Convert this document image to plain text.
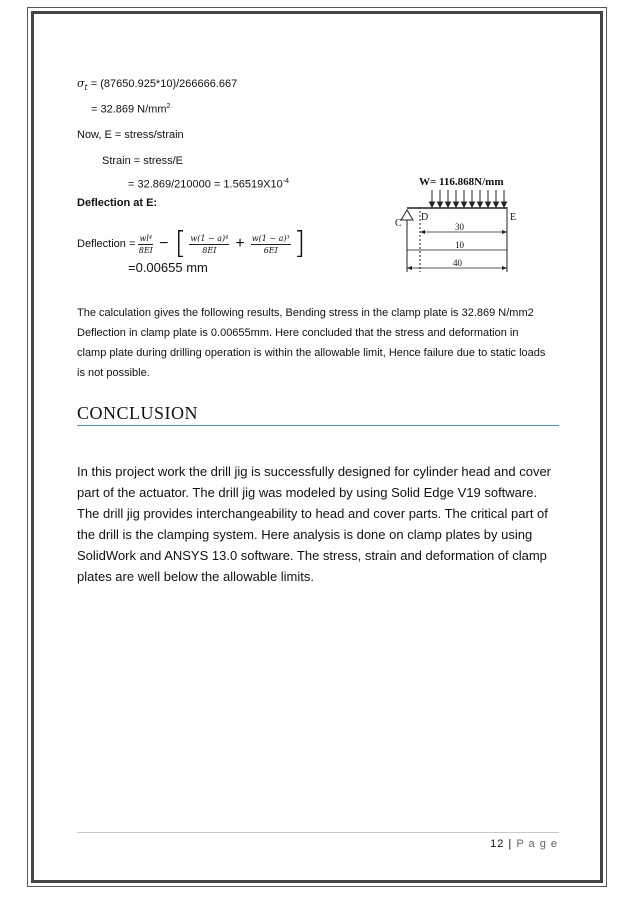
$\sigma_t = (87650.925*10)/266666.667$
= 32.869 $N/mm^2$
Now, E = stress/strain
Strain = stress/E
= $32.869/210000 = 1.56519X10^{-4}$
Deflection at E:
Deflection = $\frac{\text{wl⁴}}{8EI}$ − [ $\frac{\text{w(1 − a)⁴}}{8EI} + \frac{\text{w(1 − a)³}}{6EI}$ ]
=0.00655 mm
W= 116.868N/mm
C
D	E
30
10
40
The calculation gives the following results, Bending stress in the clamp plate is 32.869 N/mm2 Deflection in clamp plate is 0.00655mm. Here concluded that the stress and deformation in clamp plate during drilling operation is within the allowable limit, Hence failure due to static loads is not possible.
CONCLUSION
In this project work the drill jig is successfully designed for cylinder head and cover part of the actuator. The drill jig was modeled by using Solid Edge V19 software. The drill jig provides interchangeability to head and cover parts. The critical part of the drill is the clamping system. Here analysis is done on clamp plates by using SolidWork and ANSYS 13.0 software. The stress, strain and deformation of clamp plates are well below the allowable limits.
12 | P a g e
